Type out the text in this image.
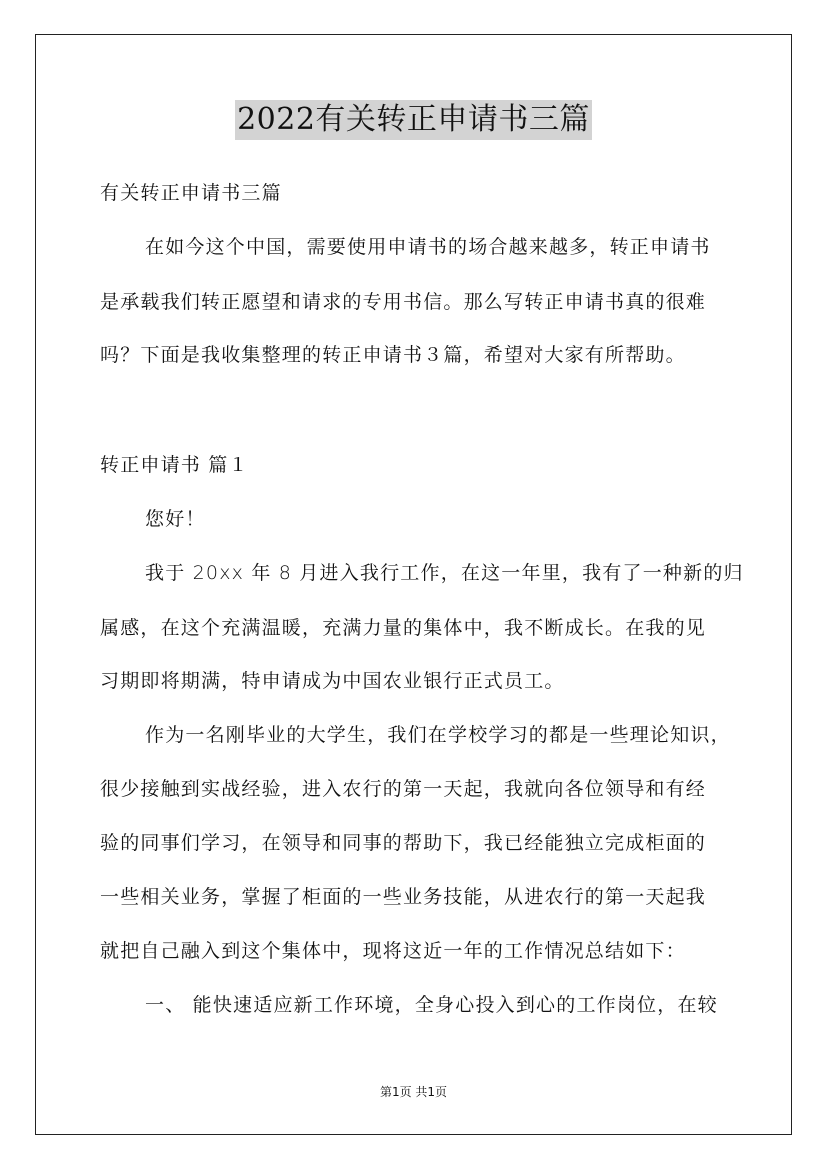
2022有关转正申请书三篇
有关转正申请书三篇
在如今这个中国，需要使用申请书的场合越来越多，转正申请书
是承载我们转正愿望和请求的专用书信。那么写转正申请书真的很难
吗？下面是我收集整理的转正申请书３篇，希望对大家有所帮助。
转正申请书 篇１
您好！
我于 20xx 年 8 月进入我行工作，在这一年里，我有了一种新的归
属感，在这个充满温暖，充满力量的集体中，我不断成长。在我的见
习期即将期满，特申请成为中国农业银行正式员工。
作为一名刚毕业的大学生，我们在学校学习的都是一些理论知识，
很少接触到实战经验，进入农行的第一天起，我就向各位领导和有经
验的同事们学习，在领导和同事的帮助下，我已经能独立完成柜面的
一些相关业务，掌握了柜面的一些业务技能，从进农行的第一天起我
就把自己融入到这个集体中，现将这近一年的工作情况总结如下：
一、 能快速适应新工作环境，全身心投入到心的工作岗位，在较
第1页 共1页
